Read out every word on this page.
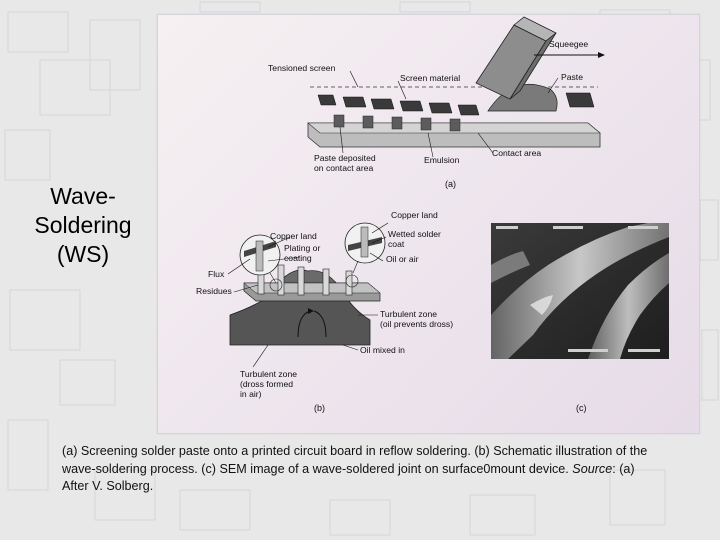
Wave-
Soldering
(WS)
Squeegee
Tensioned screen
Screen material	Paste
Paste deposited
on contact area
Emulsion
Contact area
(a)
Copper land
Wetted solder
coat
Oil or air
Copper land
Plating or
coating
Flux
Residues
Turbulent zone
(oil prevents dross)
Oil mixed in
Turbulent zone
(dross formed
in air)
(b)	(c)
(a) Screening solder paste onto a printed circuit board in reflow soldering. (b) Schematic illustration of the wave-soldering process. (c) SEM image of a wave-soldered joint on surface0mount device. Source: (a) After V. Solberg.
